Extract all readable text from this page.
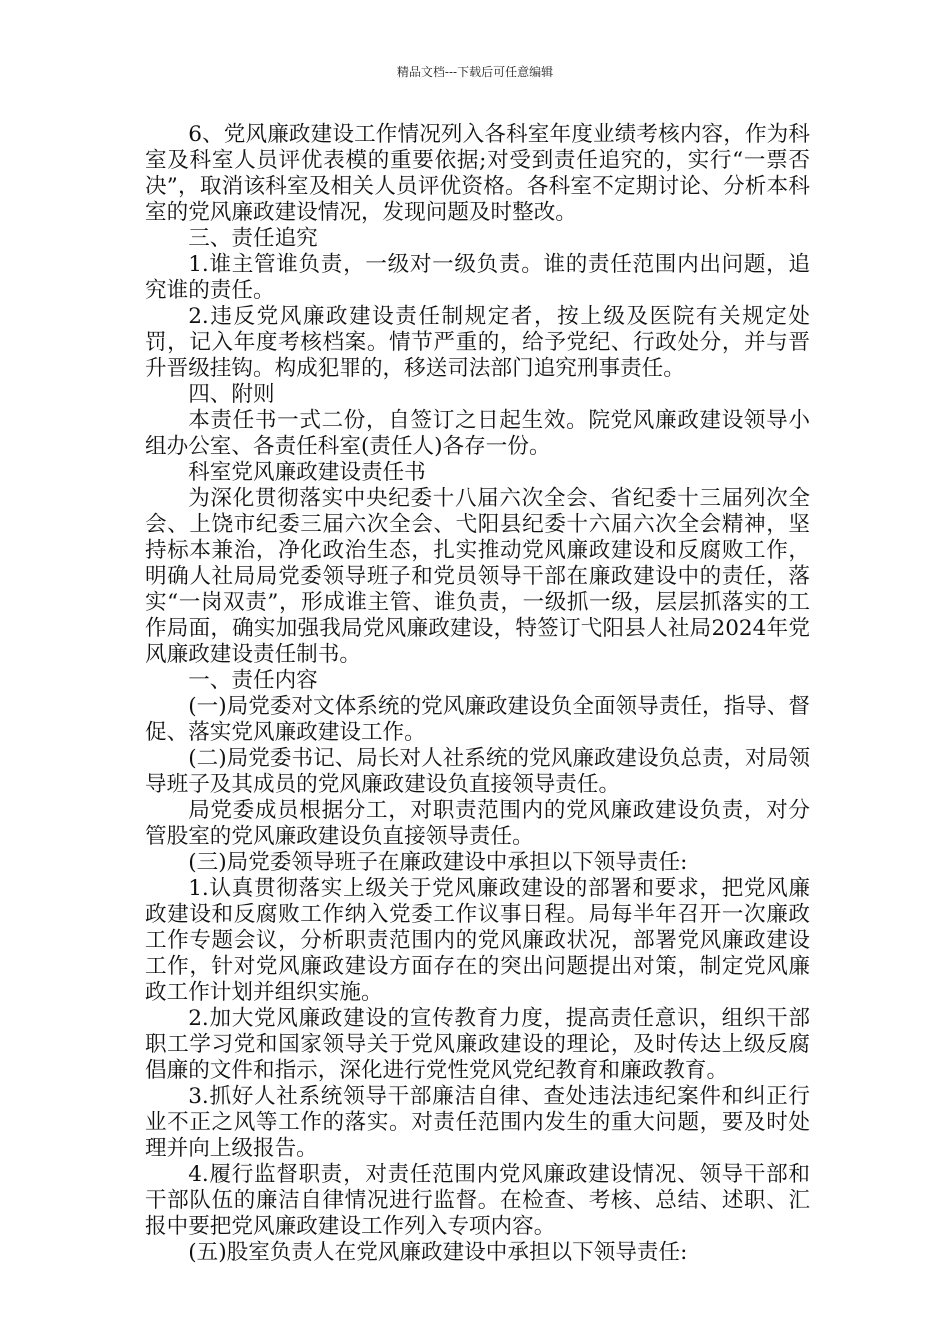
精品文档---下载后可任意编辑

6、党风廉政建设工作情况列入各科室年度业绩考核内容，作为科室及科室人员评优表模的重要依据;对受到责任追究的，实行“一票否决”，取消该科室及相关人员评优资格。各科室不定期讨论、分析本科室的党风廉政建设情况，发现问题及时整改。

三、责任追究

1.谁主管谁负责，一级对一级负责。谁的责任范围内出问题，追究谁的责任。

2.违反党风廉政建设责任制规定者，按上级及医院有关规定处罚，记入年度考核档案。情节严重的，给予党纪、行政处分，并与晋升晋级挂钩。构成犯罪的，移送司法部门追究刑事责任。

四、附则

本责任书一式二份，自签订之日起生效。院党风廉政建设领导小组办公室、各责任科室(责任人)各存一份。

科室党风廉政建设责任书

为深化贯彻落实中央纪委十八届六次全会、省纪委十三届列次全会、上饶市纪委三届六次全会、弋阳县纪委十六届六次全会精神，坚持标本兼治，净化政治生态，扎实推动党风廉政建设和反腐败工作，明确人社局局党委领导班子和党员领导干部在廉政建设中的责任，落实“一岗双责”，形成谁主管、谁负责，一级抓一级，层层抓落实的工作局面，确实加强我局党风廉政建设，特签订弋阳县人社局2024年党风廉政建设责任制书。

一、责任内容

(一)局党委对文体系统的党风廉政建设负全面领导责任，指导、督促、落实党风廉政建设工作。

(二)局党委书记、局长对人社系统的党风廉政建设负总责，对局领导班子及其成员的党风廉政建设负直接领导责任。

局党委成员根据分工，对职责范围内的党风廉政建设负责，对分管股室的党风廉政建设负直接领导责任。

(三)局党委领导班子在廉政建设中承担以下领导责任:

1.认真贯彻落实上级关于党风廉政建设的部署和要求，把党风廉政建设和反腐败工作纳入党委工作议事日程。局每半年召开一次廉政工作专题会议，分析职责范围内的党风廉政状况，部署党风廉政建设工作，针对党风廉政建设方面存在的突出问题提出对策，制定党风廉政工作计划并组织实施。

2.加大党风廉政建设的宣传教育力度，提高责任意识，组织干部职工学习党和国家领导关于党风廉政建设的理论，及时传达上级反腐倡廉的文件和指示，深化进行党性党风党纪教育和廉政教育。

3.抓好人社系统领导干部廉洁自律、查处违法违纪案件和纠正行业不正之风等工作的落实。对责任范围内发生的重大问题，要及时处理并向上级报告。

4.履行监督职责，对责任范围内党风廉政建设情况、领导干部和干部队伍的廉洁自律情况进行监督。在检查、考核、总结、述职、汇报中要把党风廉政建设工作列入专项内容。

(五)股室负责人在党风廉政建设中承担以下领导责任:
